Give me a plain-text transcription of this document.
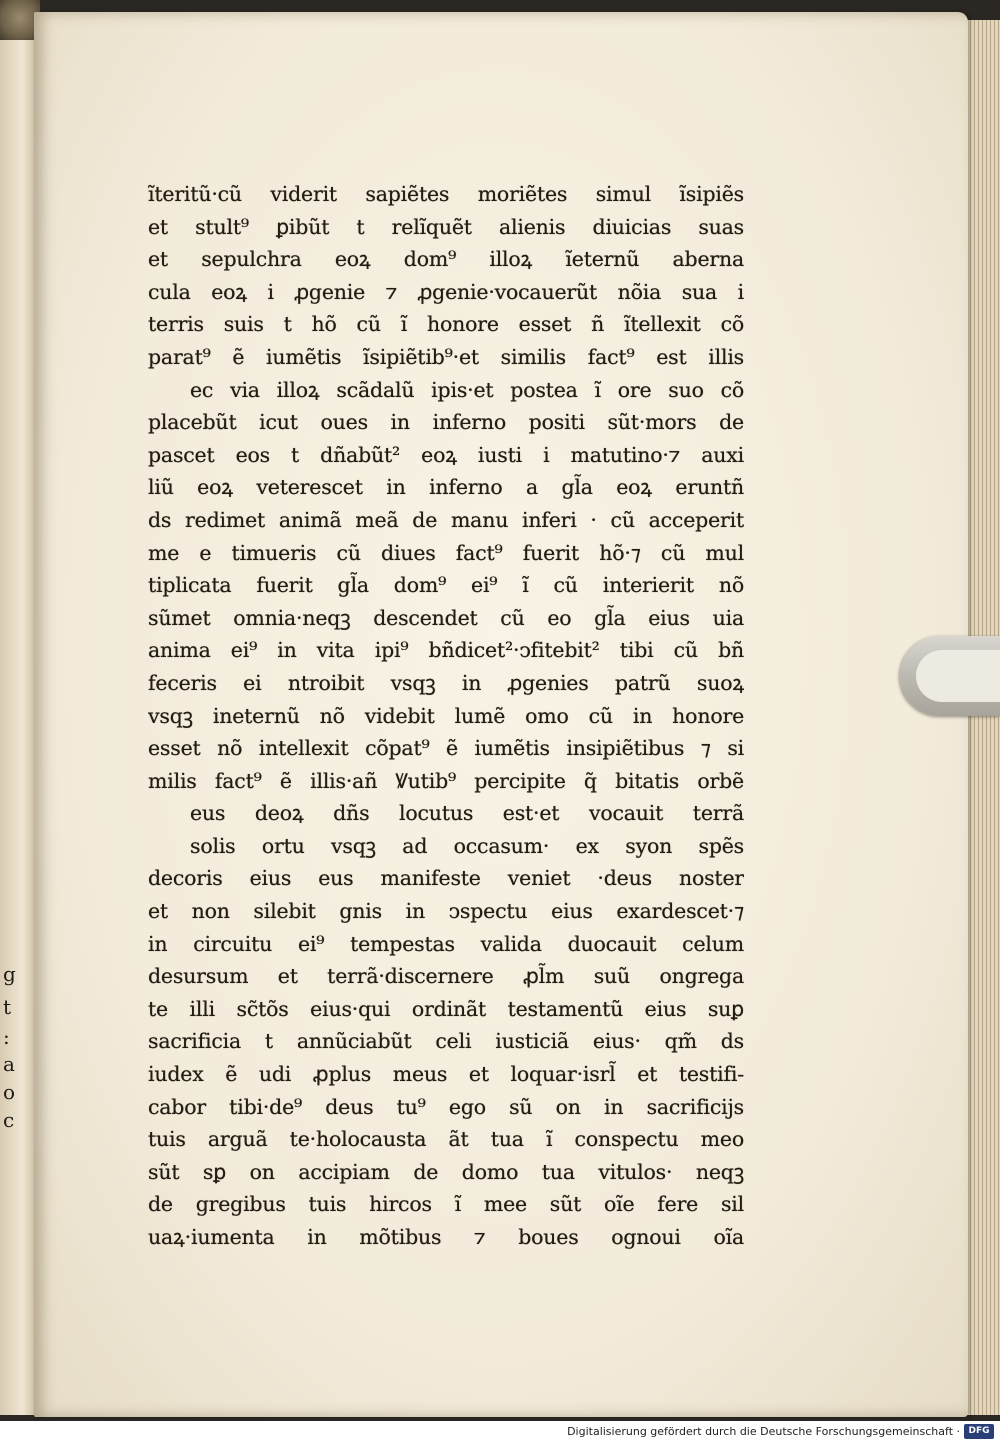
g
t
:
a
o
c
ĩteritũ·cũ viderit sapiẽtes moriẽtes simul ĩsipiẽs
et stult⁹ ꝑibũt t relĩquẽt alienis diuicias suas
et sepulchra eoꝝ dom⁹ illoꝝ ĩeternũ aberna
cula eoꝝ i ꝓgenie ⁊ ꝓgenie·vocauerũt nõia sua i
terris suis t hõ cũ ĩ honore esset ñ ĩtellexit cõ
parat⁹ ẽ iumẽtis ĩsipiẽtib⁹·et similis fact⁹ est illis
ec via illoꝝ scãdalũ ipis·et postea ĩ ore suo cõ
placebũt icut oues in inferno positi sũt·mors de
pascet eos t dñabũt² eoꝝ iusti i matutino·⁊ auxi
liũ eoꝝ veterescet in inferno a gl̃a eoꝝ eruntñ
ds redimet animã meã de manu inferi · cũ acceperit
me e timueris cũ diues fact⁹ fuerit hõ·⁊ cũ mul
tiplicata fuerit gl̃a dom⁹ ei⁹ ĩ cũ interierit nõ
sũmet omnia·neqꝫ descendet cũ eo gl̃a eius uia
anima ei⁹ in vita ipi⁹ bñdicet²·ↄfitebit² tibi cũ bñ
feceris ei ntroibit vsqꝫ in ꝓgenies patrũ suoꝝ
vsqꝫ ineternũ nõ videbit lumẽ omo cũ in honore
esset nõ intellexit cõpat⁹ ẽ iumẽtis insipiẽtibus ⁊ si
milis fact⁹ ẽ illis·añ Ꝟutib⁹ percipite q̃ bitatis orbẽ
eus deoꝝ dñs locutus est·et vocauit terrã
solis ortu vsqꝫ ad occasum· ex syon spẽs
decoris eius eus manifeste veniet ·deus noster
et non silebit gnis in ↄspectu eius exardescet·⁊
in circuitu ei⁹ tempestas valida duocauit celum
desursum et terrã·discernere ꝓl̃m suũ ongrega
te illi sc̃tõs eius·qui ordinãt testamentũ eius suꝑ
sacrificia t annũciabũt celi iusticiã eius· qm̃ ds
iudex ẽ udi ꝓplus meus et loquar·isrl̃ et testifi-
cabor tibi·de⁹ deus tu⁹ ego sũ on in sacrificijs
tuis arguã te·holocausta ãt tua ĩ conspectu meo
sũt sꝑ on accipiam de domo tua vitulos· neqꝫ
de gregibus tuis hircos ĩ mee sũt oĩe fere sil
uaꝝ·iumenta in mõtibus ⁊ boues ognoui oĩa
Digitalisierung gefördert durch die Deutsche Forschungsgemeinschaft · DFG
